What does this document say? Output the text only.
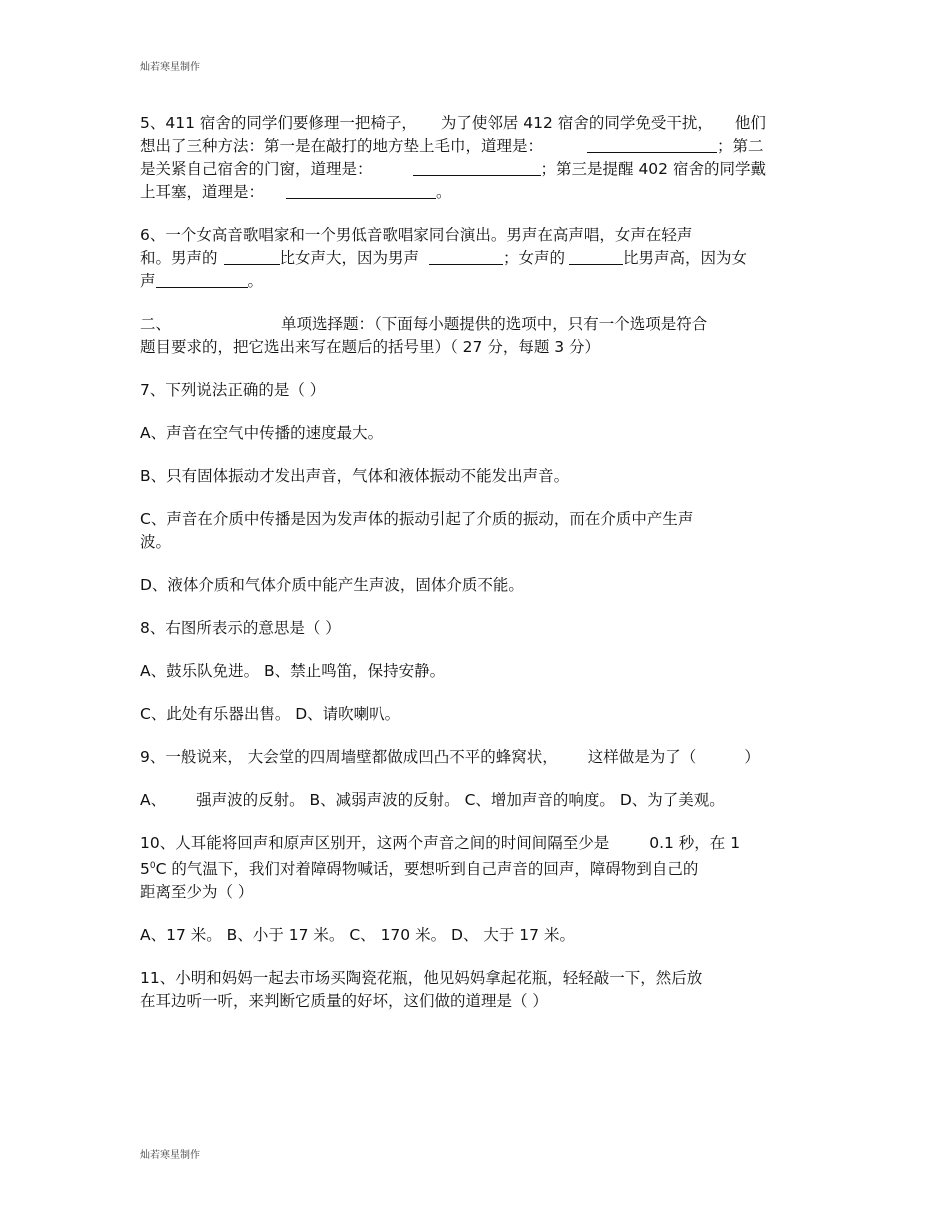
灿若寒星制作
5、411 宿舍的同学们要修理一把椅子， 为了使邻居 412 宿舍的同学免受干扰， 他们
想出了三种方法：第一是在敲打的地方垫上毛巾，道理是：	；第二
是关紧自己宿舍的门窗，道理是：	；第三是提醒 402 宿舍的同学戴
上耳塞，道理是：	。
6、一个女高音歌唱家和一个男低音歌唱家同台演出。男声在高声唱，女声在轻声
和。男声的	比女声大，因为男声	；女声的	比男声高，因为女
声	。
二、	单项选择题：（下面每小题提供的选项中，只有一个选项是符合
题目要求的，把它选出来写在题后的括号里）（ 27 分，每题 3 分）
7、下列说法正确的是（ ）
A、声音在空气中传播的速度最大。
B、只有固体振动才发出声音，气体和液体振动不能发出声音。
C、声音在介质中传播是因为发声体的振动引起了介质的振动，而在介质中产生声
波。
D、液体介质和气体介质中能产生声波，固体介质不能。
8、右图所表示的意思是（ ）
A、鼓乐队免进。 B、禁止鸣笛，保持安静。
C、此处有乐器出售。 D、请吹喇叭。
9、一般说来， 大会堂的四周墙壁都做成凹凸不平的蜂窝状， 这样做是为了（	）
A、 强声波的反射。 B、减弱声波的反射。 C、增加声音的响度。 D、为了美观。
10、人耳能将回声和原声区别开，这两个声音之间的时间间隔至少是	0.1 秒，在 1
$5^0C$ 的气温下，我们对着障碍物喊话，要想听到自己声音的回声，障碍物到自己的
距离至少为（ ）
A、17 米。 B、小于 17 米。 C、 170 米。 D、 大于 17 米。
11、小明和妈妈一起去市场买陶瓷花瓶，他见妈妈拿起花瓶，轻轻敲一下，然后放
在耳边听一听，来判断它质量的好坏，这们做的道理是（ ）
灿若寒星制作
